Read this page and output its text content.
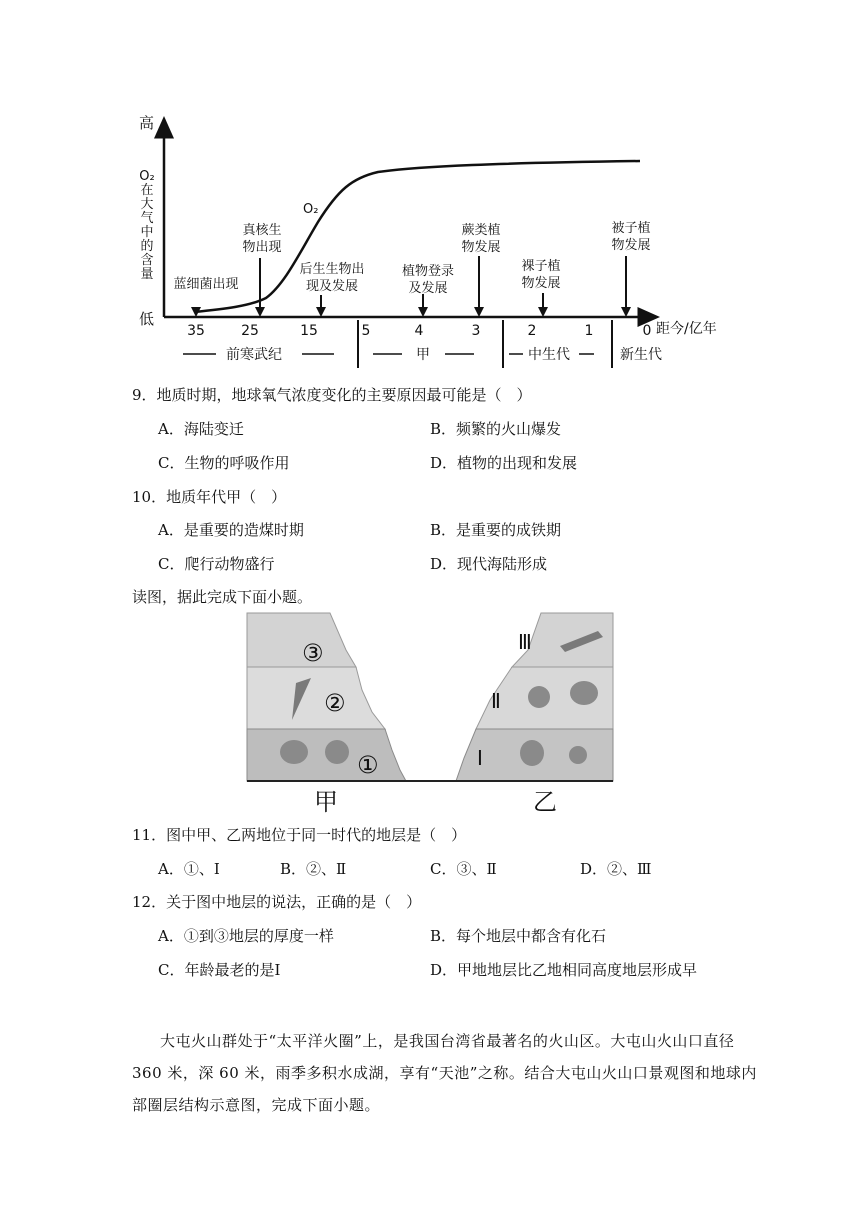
高
低
O₂
在
大
气
中
的
含
量
O₂
距今/亿年
35	25	15	5	4	3	2	1	0
蓝细菌出现
真核生
物出现
后生生物出
现及发展
植物登录
及发展
蕨类植
物发展
裸子植
物发展
被子植
物发展
前寒武纪	甲	中生代	新生代
9．地质时期，地球氧气浓度变化的主要原因最可能是（　）
A．海陆变迁	B．频繁的火山爆发
C．生物的呼吸作用	D．植物的出现和发展
10．地质年代甲（　）
A．是重要的造煤时期	B．是重要的成铁期
C．爬行动物盛行	D．现代海陆形成
读图，据此完成下面小题。
③
②
①
Ⅲ
Ⅱ
Ⅰ
甲	乙
11．图中甲、乙两地位于同一时代的地层是（　）
A．①、I	B．②、Ⅱ	C．③、Ⅱ	D．②、Ⅲ
12．关于图中地层的说法，正确的是（　）
A．①到③地层的厚度一样	B．每个地层中都含有化石
C．年龄最老的是I	D．甲地地层比乙地相同高度地层形成早
大屯火山群处于“太平洋火圈”上，是我国台湾省最著名的火山区。大屯山火山口直径
360 米，深 60 米，雨季多积水成湖，享有“天池”之称。结合大屯山火山口景观图和地球内
部圈层结构示意图，完成下面小题。
